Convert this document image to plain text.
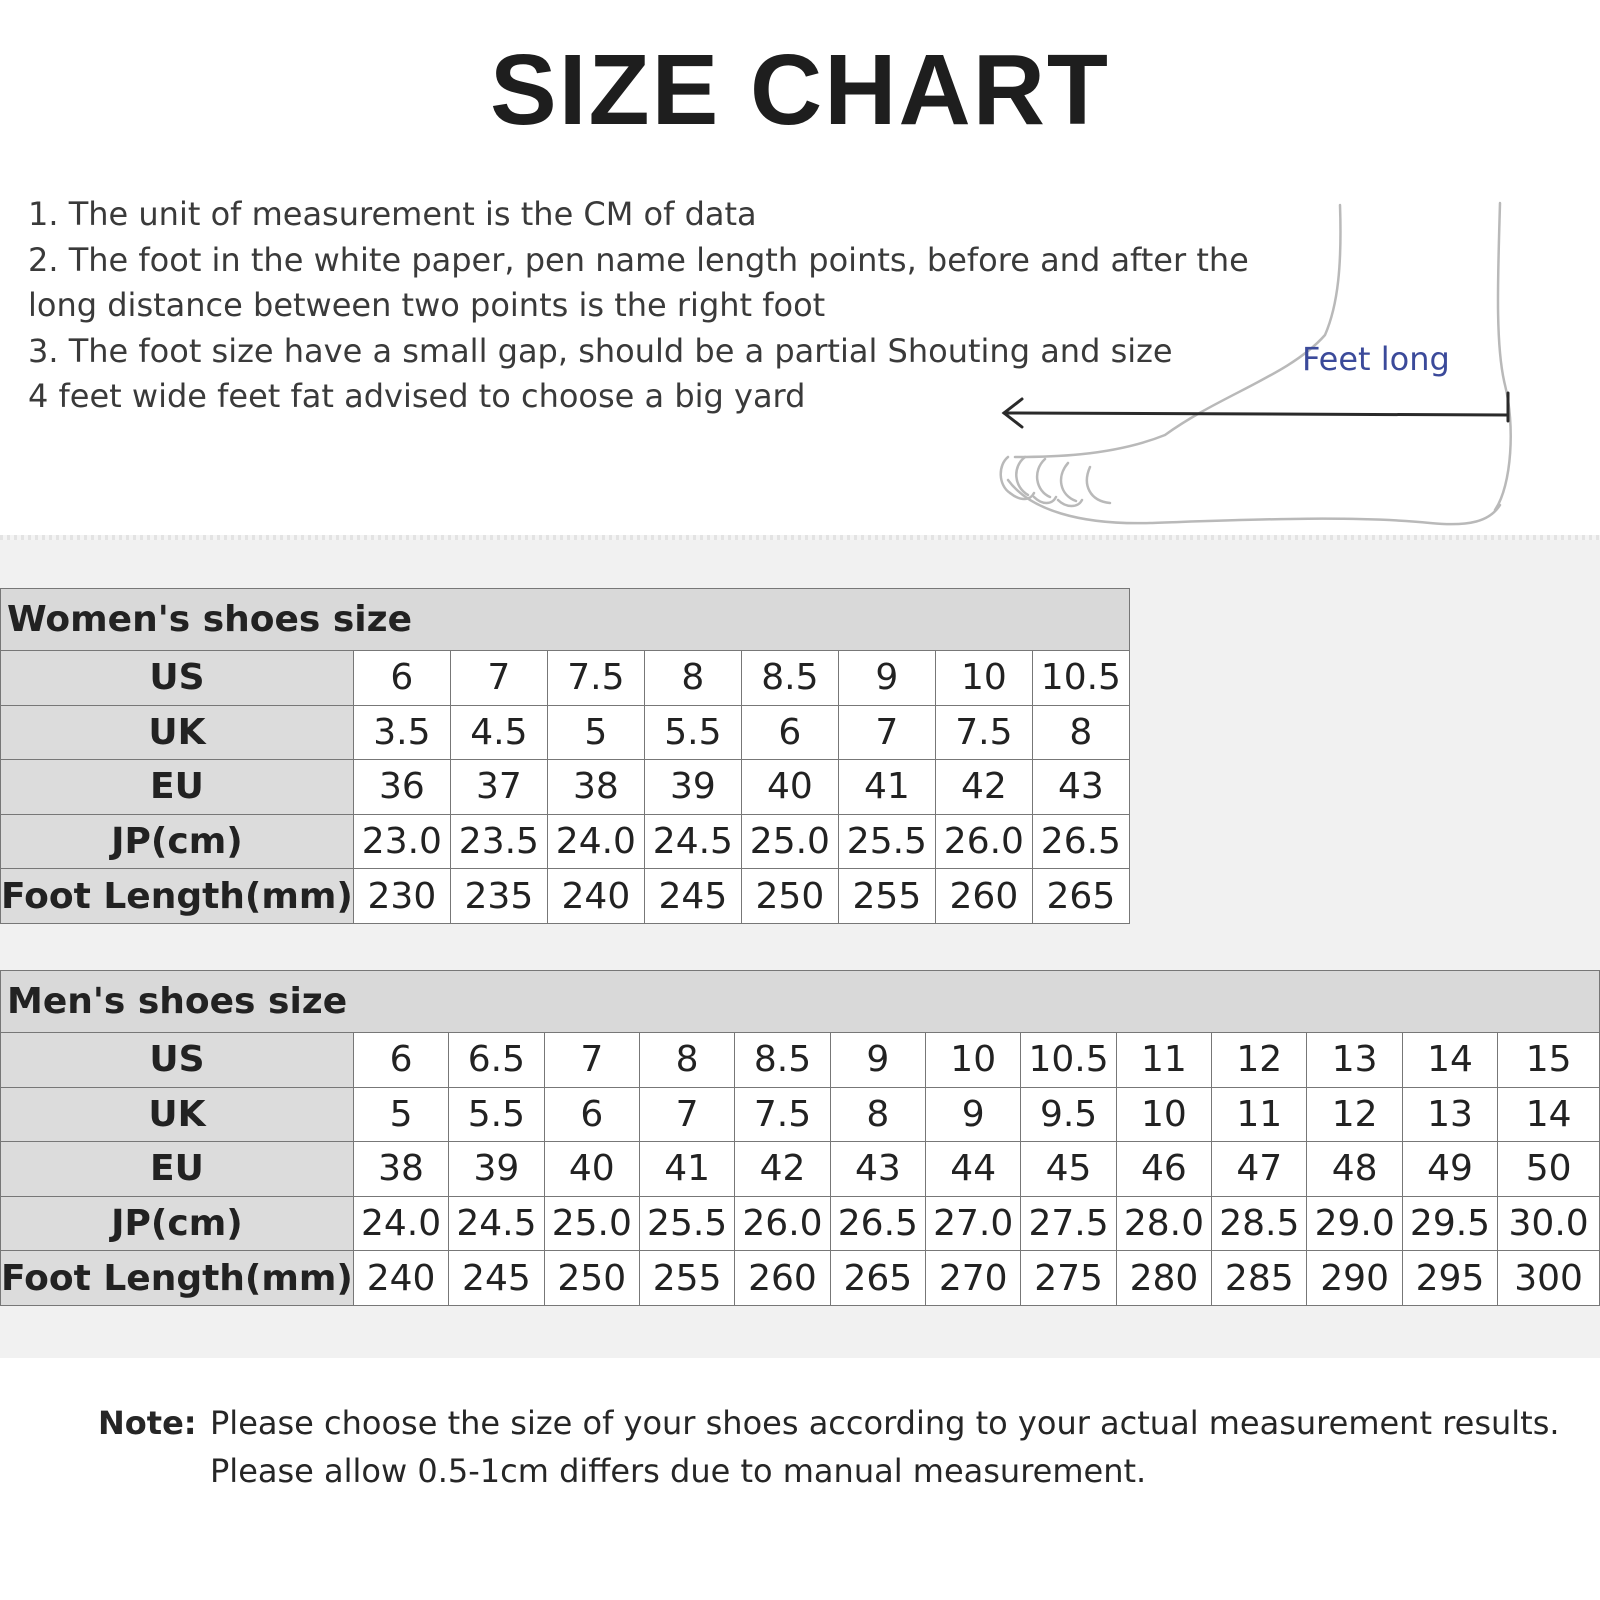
SIZE CHART
1. The unit of measurement is the CM of data
2. The foot in the white paper, pen name length points, before and after the
long distance between two points is the right foot
3. The foot size have a small gap, should be a partial Shouting and size
4 feet wide feet fat advised to choose a big yard
Feet long
Women's shoes size								
US	6	7	7.5	8	8.5	9	10	10.5
UK	3.5	4.5	5	5.5	6	7	7.5	8
EU	36	37	38	39	40	41	42	43
JP(cm)	23.0	23.5	24.0	24.5	25.0	25.5	26.0	26.5
Foot Length(mm)	230	235	240	245	250	255	260	265
Men's shoes size													
US	6	6.5	7	8	8.5	9	10	10.5	11	12	13	14	15
UK	5	5.5	6	7	7.5	8	9	9.5	10	11	12	13	14
EU	38	39	40	41	42	43	44	45	46	47	48	49	50
JP(cm)	24.0	24.5	25.0	25.5	26.0	26.5	27.0	27.5	28.0	28.5	29.0	29.5	30.0
Foot Length(mm)	240	245	250	255	260	265	270	275	280	285	290	295	300
Note: Please choose the size of your shoes according to your actual measurement results.
Please allow 0.5-1cm differs due to manual measurement.
